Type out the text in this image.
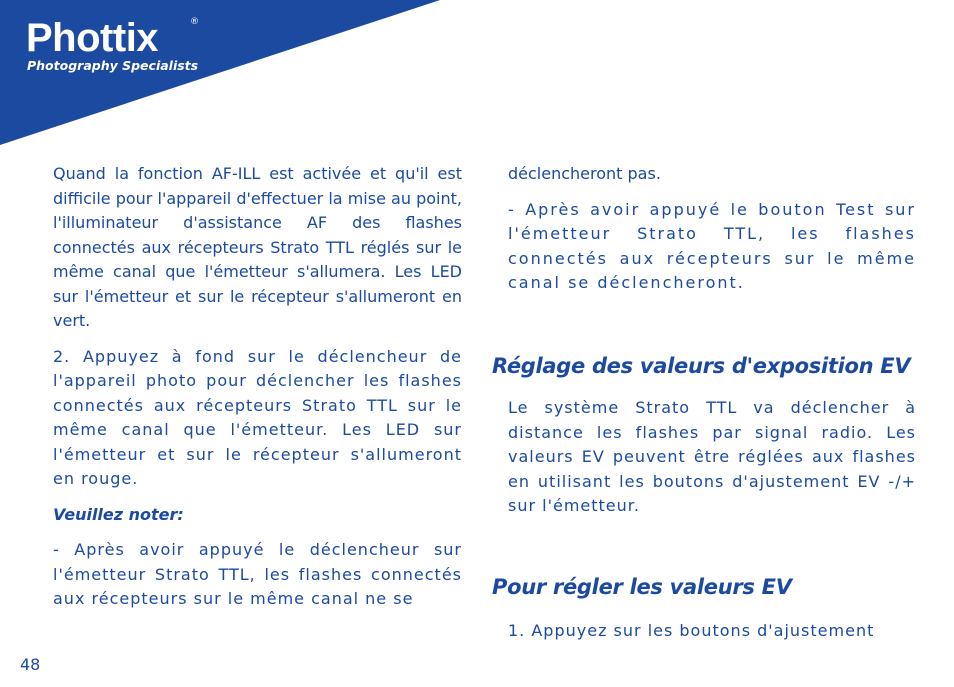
Phottix	®
Photography Specialists

Quand la fonction AF-ILL est activée et qu'il est difficile pour l'appareil d'effectuer la mise au point, l'illuminateur d'assistance AF des flashes connectés aux récepteurs Strato TTL réglés sur le même canal que l'émetteur s'allumera. Les LED sur l'émetteur et sur le récepteur s'allumeront en vert.

2. Appuyez à fond sur le déclencheur de l'appareil photo pour déclencher les flashes connectés aux récepteurs Strato TTL sur le même canal que l'émetteur. Les LED sur l'émetteur et sur le récepteur s'allumeront en rouge.

Veuillez noter:

- Après avoir appuyé le déclencheur sur l'émetteur Strato TTL, les flashes connectés aux récepteurs sur le même canal ne se

déclencheront pas.

- Après avoir appuyé le bouton Test sur l'émetteur Strato TTL, les flashes connectés aux récepteurs sur le même canal se déclencheront.

Réglage des valeurs d'exposition EV

Le système Strato TTL va déclencher à distance les flashes par signal radio. Les valeurs EV peuvent être réglées aux flashes en utilisant les boutons d'ajustement EV -/+ sur l'émetteur.

Pour régler les valeurs EV

1. Appuyez sur les boutons d'ajustement

48
